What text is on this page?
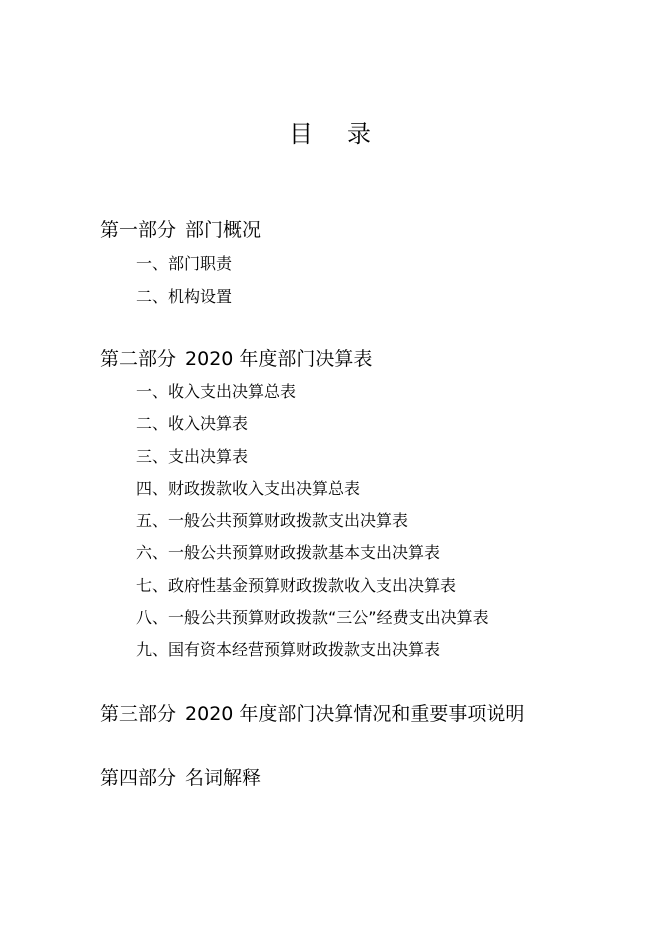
目 录
第一部分 部门概况
一、部门职责
二、机构设置
第二部分 2020 年度部门决算表
一、收入支出决算总表
二、收入决算表
三、支出决算表
四、财政拨款收入支出决算总表
五、一般公共预算财政拨款支出决算表
六、一般公共预算财政拨款基本支出决算表
七、政府性基金预算财政拨款收入支出决算表
八、一般公共预算财政拨款“三公”经费支出决算表
九、国有资本经营预算财政拨款支出决算表
第三部分 2020 年度部门决算情况和重要事项说明
第四部分 名词解释
